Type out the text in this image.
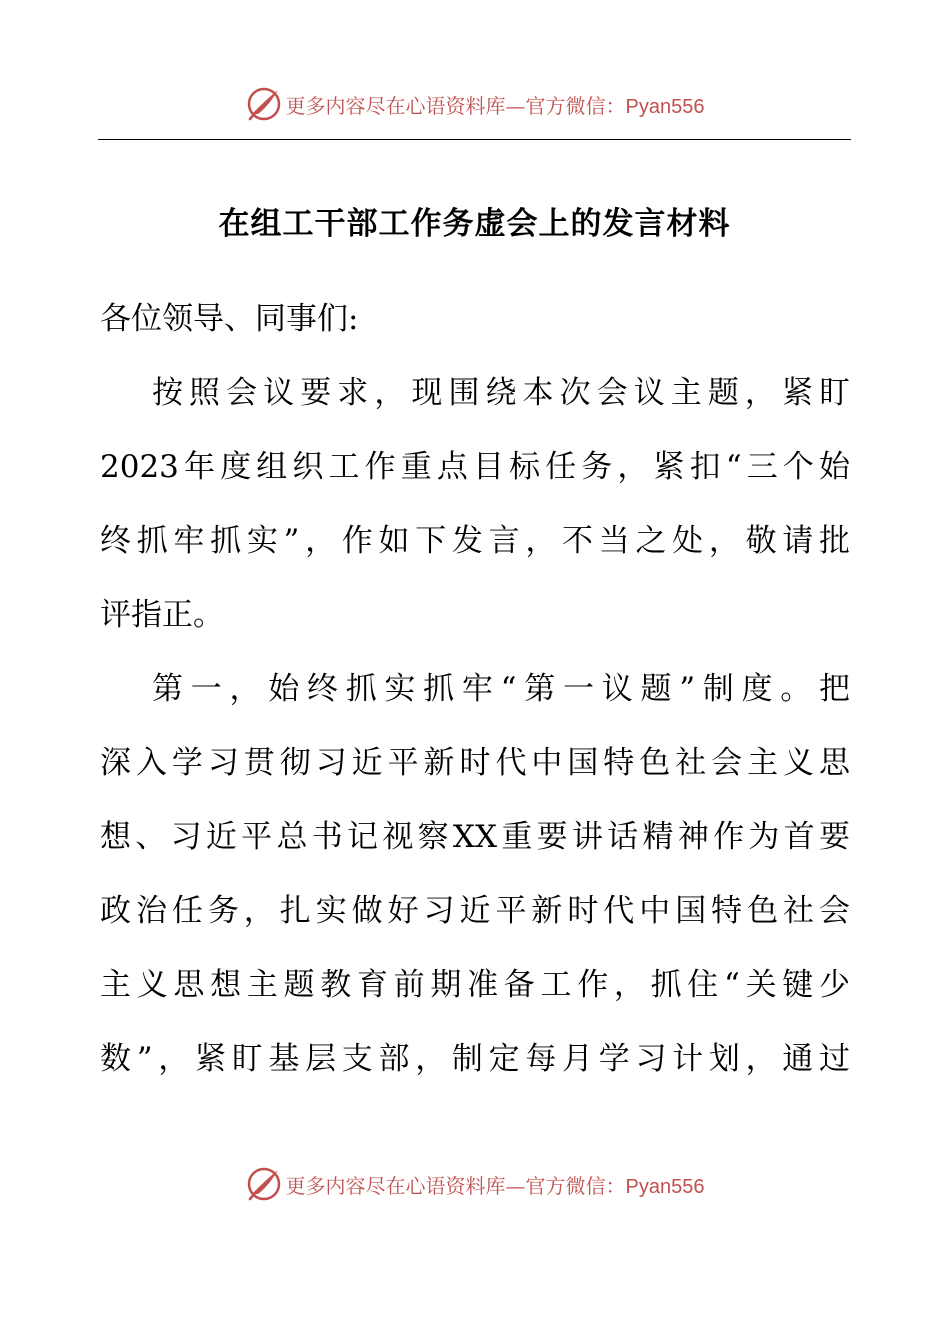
更多内容尽在心语资料库—官方微信：Pyan556
在组工干部工作务虚会上的发言材料
各位领导、同事们:
按照会议要求，现围绕本次会议主题，紧盯
2023年度组织工作重点目标任务，紧扣“三个始
终抓牢抓实”，作如下发言，不当之处，敬请批
评指正。
第一，始终抓实抓牢“第一议题”制度。把
深入学习贯彻习近平新时代中国特色社会主义思
想、习近平总书记视察XX重要讲话精神作为首要
政治任务，扎实做好习近平新时代中国特色社会
主义思想主题教育前期准备工作，抓住“关键少
数”，紧盯基层支部，制定每月学习计划，通过
更多内容尽在心语资料库—官方微信：Pyan556
